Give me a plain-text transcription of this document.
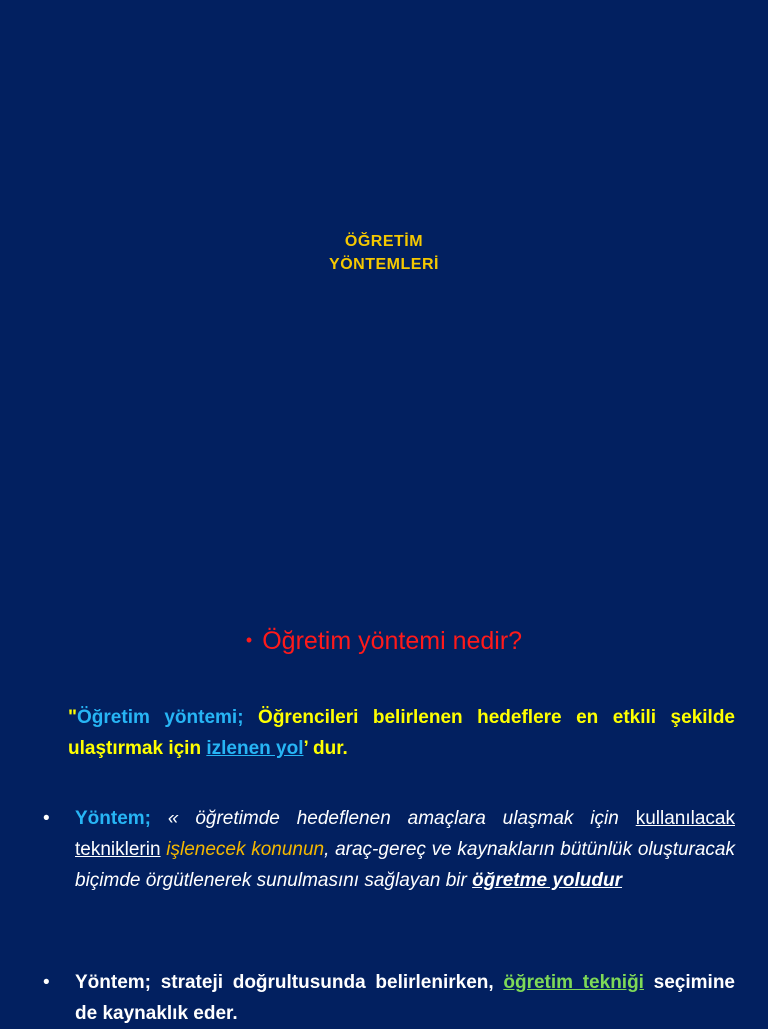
ÖĞRETİM
YÖNTEMLERİ
• Öğretim yöntemi nedir?
"Öğretim yöntemi; Öğrencileri belirlenen hedeflere en etkili şekilde ulaştırmak için izlenen yol’ dur.
• Yöntem; « öğretimde hedeflenen amaçlara ulaşmak için kullanılacak tekniklerin işlenecek konunun, araç-gereç ve kaynakların bütünlük oluşturacak biçimde örgütlenerek sunulmasını sağlayan bir öğretme yoludur
• Yöntem; strateji doğrultusunda belirlenirken, öğretim tekniği seçimine de kaynaklık eder.
